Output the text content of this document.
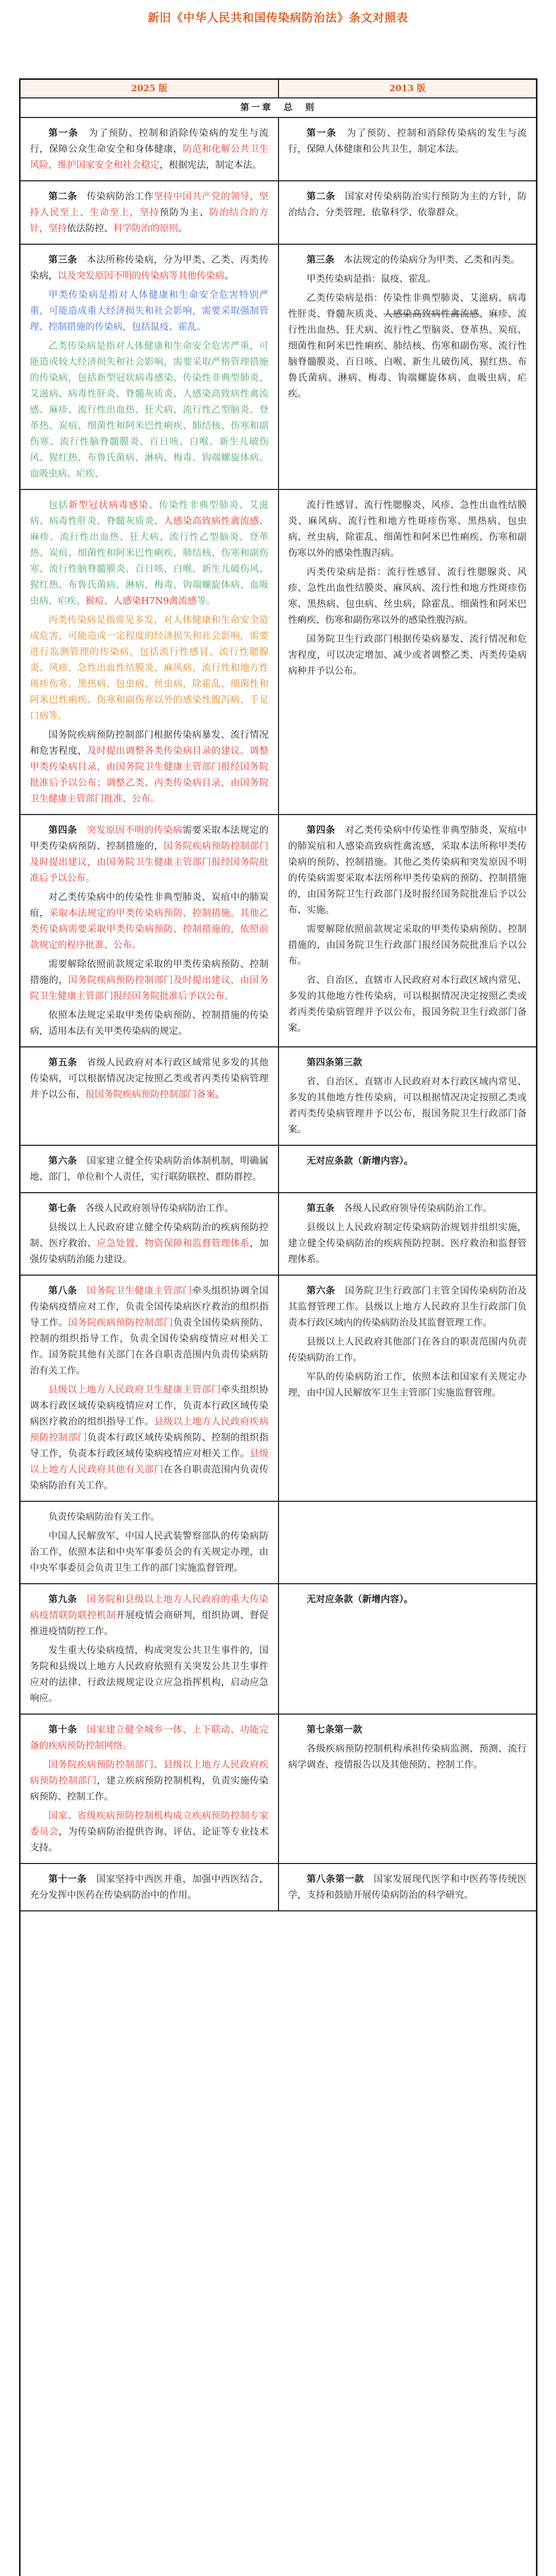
新旧《中华人民共和国传染病防治法》条文对照表
2025 版	2013 版
第一章　总　则

第一条　为了预防、控制和消除传染病的发生与流行，保障公众生命安全和身体健康，防范和化解公共卫生风险，维护国家安全和社会稳定，根据宪法，制定本法。

第一条　为了预防、控制和消除传染病的发生与流行，保障人体健康和公共卫生，制定本法。

第二条　传染病防治工作坚持中国共产党的领导，坚持人民至上、生命至上，坚持预防为主、防治结合的方针，坚持依法防控、科学防治的原则。

第二条　国家对传染病防治实行预防为主的方针，防治结合、分类管理、依靠科学、依靠群众。

第三条　本法所称传染病，分为甲类、乙类、丙类传染病，以及突发原因不明的传染病等其他传染病。

甲类传染病是指对人体健康和生命安全危害特别严重，可能造成重大经济损失和社会影响，需要采取强制管理、控制措施的传染病，包括鼠疫、霍乱。

乙类传染病是指对人体健康和生命安全危害严重，可能造成较大经济损失和社会影响，需要采取严格管理措施的传染病，包括新型冠状病毒感染、传染性非典型肺炎、艾滋病、病毒性肝炎、脊髓灰质炎、人感染高致病性禽流感、麻疹、流行性出血热、狂犬病、流行性乙型脑炎、登革热、炭疽、细菌性和阿米巴性痢疾、肺结核、伤寒和副伤寒、流行性脑脊髓膜炎、百日咳、白喉、新生儿破伤风、猩红热、布鲁氏菌病、淋病、梅毒、钩端螺旋体病、血吸虫病、疟疾、

第三条　本法规定的传染病分为甲类、乙类和丙类。

甲类传染病是指：鼠疫、霍乱。

乙类传染病是指：传染性非典型肺炎、艾滋病、病毒性肝炎、脊髓灰质炎、人感染高致病性禽流感、麻疹、流行性出血热、狂犬病、流行性乙型脑炎、登革热、炭疽、细菌性和阿米巴性痢疾、肺结核、伤寒和副伤寒、流行性脑脊髓膜炎、百日咳、白喉、新生儿破伤风、猩红热、布鲁氏菌病、淋病、梅毒、钩端螺旋体病、血吸虫病、疟疾。

包括新型冠状病毒感染、传染性非典型肺炎、艾滋病、病毒性肝炎、脊髓灰质炎、人感染高致病性禽流感、麻疹、流行性出血热、狂犬病、流行性乙型脑炎、登革热、炭疽、细菌性和阿米巴性痢疾、肺结核、伤寒和副伤寒、流行性脑脊髓膜炎、百日咳、白喉、新生儿破伤风、猩红热、布鲁氏菌病、淋病、梅毒、钩端螺旋体病、血吸虫病、疟疾、猴痘、人感染H7N9禽流感等。

丙类传染病是指常见多发，对人体健康和生命安全造成危害，可能造成一定程度的经济损失和社会影响，需要进行监测管理的传染病，包括流行性感冒、流行性腮腺炎、风疹、急性出血性结膜炎、麻风病、流行性和地方性斑疹伤寒、黑热病、包虫病、丝虫病，除霍乱、细菌性和阿米巴性痢疾、伤寒和副伤寒以外的感染性腹泻病、手足口病等。

国务院疾病预防控制部门根据传染病暴发、流行情况和危害程度，及时提出调整各类传染病目录的建议。调整甲类传染病目录，由国务院卫生健康主管部门报经国务院批准后予以公布；调整乙类、丙类传染病目录，由国务院卫生健康主管部门批准、公布。

流行性感冒、流行性腮腺炎、风疹、急性出血性结膜炎、麻风病、流行性和地方性斑疹伤寒、黑热病、包虫病、丝虫病，除霍乱、细菌性和阿米巴性痢疾、伤寒和副伤寒以外的感染性腹泻病。

丙类传染病是指：流行性感冒、流行性腮腺炎、风疹、急性出血性结膜炎、麻风病、流行性和地方性斑疹伤寒、黑热病、包虫病、丝虫病，除霍乱、细菌性和阿米巴性痢疾、伤寒和副伤寒以外的感染性腹泻病。

国务院卫生行政部门根据传染病暴发、流行情况和危害程度，可以决定增加、减少或者调整乙类、丙类传染病病种并予以公布。

第四条　 突发原因不明的传染病需要采取本法规定的甲类传染病预防、控制措施的，国务院疾病预防控制部门及时提出建议，由国务院卫生健康主管部门报经国务院批准后予以公布。

对乙类传染病中的传染性非典型肺炎、炭疽中的肺炭疽，采取本法规定的甲类传染病预防、控制措施。其他乙类传染病需要采取甲类传染病预防、控制措施的，依照前款规定的程序批准、公布。

需要解除依照前款规定采取的甲类传染病预防、控制措施的，国务院疾病预防控制部门及时提出建议，由国务院卫生健康主管部门报经国务院批准后予以公布。

依照本法规定采取甲类传染病预防、控制措施的传染病，适用本法有关甲类传染病的规定。

第四条　对乙类传染病中传染性非典型肺炎、炭疽中的肺炭疽和人感染高致病性禽流感，采取本法所称甲类传染病的预防、控制措施。其他乙类传染病和突发原因不明的传染病需要采取本法所称甲类传染病的预防、控制措施的，由国务院卫生行政部门及时报经国务院批准后予以公布、实施。

需要解除依照前款规定采取的甲类传染病预防、控制措施的，由国务院卫生行政部门报经国务院批准后予以公布。

省、自治区、直辖市人民政府对本行政区域内常见、多发的其他地方性传染病，可以根据情况决定按照乙类或者丙类传染病管理并予以公布，报国务院卫生行政部门备案。

第五条　省级人民政府对本行政区域常见多发的其他传染病，可以根据情况决定按照乙类或者丙类传染病管理并予以公布，报国务院疾病预防控制部门备案。

第四条第三款

省、自治区、直辖市人民政府对本行政区域内常见、多发的其他地方性传染病，可以根据情况决定按照乙类或者丙类传染病管理并予以公布，报国务院卫生行政部门备案。

第六条　国家建立健全传染病防治体制机制，明确属地、部门、单位和个人责任，实行联防联控、群防群控。

无对应条款（新增内容）。

第七条　各级人民政府领导传染病防治工作。

县级以上人民政府建立健全传染病防治的疾病预防控制、医疗救治、应急处置、物资保障和监督管理体系，加强传染病防治能力建设。

第五条　各级人民政府领导传染病防治工作。

县级以上人民政府制定传染病防治规划并组织实施，建立健全传染病防治的疾病预防控制、医疗救治和监督管理体系。

第八条　 国务院卫生健康主管部门牵头组织协调全国传染病疫情应对工作，负责全国传染病医疗救治的组织指导工作。国务院疾病预防控制部门负责全国传染病预防、控制的组织指导工作，负责全国传染病疫情应对相关工作。国务院其他有关部门在各自职责范围内负责传染病防治有关工作。

县级以上地方人民政府卫生健康主管部门牵头组织协调本行政区域传染病疫情应对工作，负责本行政区域传染病医疗救治的组织指导工作。县级以上地方人民政府疾病预防控制部门负责本行政区域传染病预防、控制的组织指导工作，负责本行政区域传染病疫情应对相关工作。县级以上地方人民政府其他有关部门在各自职责范围内负责传染病防治有关工作。

第六条　国务院卫生行政部门主管全国传染病防治及其监督管理工作。县级以上地方人民政府卫生行政部门负责本行政区域内的传染病防治及其监督管理工作。

县级以上人民政府其他部门在各自的职责范围内负责传染病防治工作。

军队的传染病防治工作，依照本法和国家有关规定办理，由中国人民解放军卫生主管部门实施监督管理。

负责传染病防治有关工作。

中国人民解放军、中国人民武装警察部队的传染病防治工作，依照本法和中央军事委员会的有关规定办理，由中央军事委员会负责卫生工作的部门实施监督管理。

第九条　 国务院和县级以上地方人民政府的重大传染病疫情联防联控机制开展疫情会商研判，组织协调、督促推进疫情防控工作。

发生重大传染病疫情，构成突发公共卫生事件的，国务院和县级以上地方人民政府依照有关突发公共卫生事件应对的法律、行政法规规定设立应急指挥机构，启动应急响应。

无对应条款（新增内容）。

第十条　 国家建立健全城乡一体、上下联动、功能完备的疾病预防控制网络。

国务院疾病预防控制部门、县级以上地方人民政府疾病预防控制部门，建立疾病预防控制机构，负责实施传染病预防、控制工作。

国家、省级疾病预防控制机构成立疾病预防控制专家委员会，为传染病防治提供咨询、评估、论证等专业技术支持。

第七条第一款

各级疾病预防控制机构承担传染病监测、预测、流行病学调查、疫情报告以及其他预防、控制工作。

第十一条　国家坚持中西医并重，加强中西医结合，充分发挥中医药在传染病防治中的作用。

第八条第一款　国家发展现代医学和中医药等传统医学，支持和鼓励开展传染病防治的科学研究。
